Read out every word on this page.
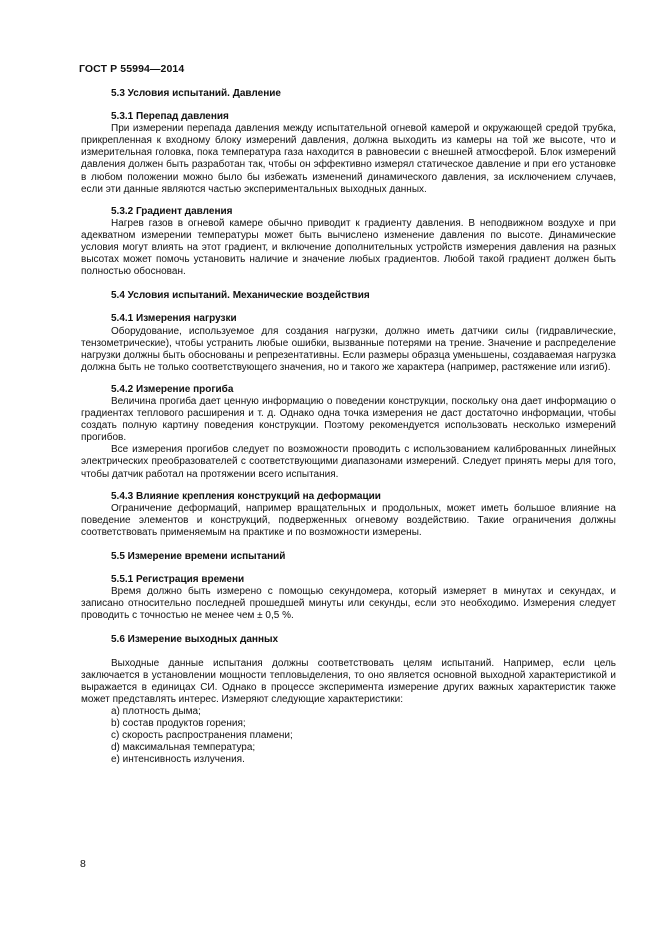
ГОСТ Р 55994—2014
5.3 Условия испытаний. Давление
5.3.1 Перепад давления

При измерении перепада давления между испытательной огневой камерой и окружающей средой трубка, прикрепленная к входному блоку измерений давления, должна выходить из камеры на той же высоте, что и измерительная головка, пока температура газа находится в равновесии с внешней атмосферой. Блок измерений давления должен быть разработан так, чтобы он эффективно измерял статическое давление и при его установке в любом положении можно было бы избежать изменений динамического давления, за исключением случаев, если эти данные являются частью экспериментальных выходных данных.

5.3.2 Градиент давления

Нагрев газов в огневой камере обычно приводит к градиенту давления. В неподвижном воздухе и при адекватном измерении температуры может быть вычислено изменение давления по высоте. Динамические условия могут влиять на этот градиент, и включение дополнительных устройств измерения давления на разных высотах может помочь установить наличие и значение любых градиентов. Любой такой градиент должен быть полностью обоснован.

5.4 Условия испытаний. Механические воздействия
5.4.1 Измерения нагрузки

Оборудование, используемое для создания нагрузки, должно иметь датчики силы (гидравлические, тензометрические), чтобы устранить любые ошибки, вызванные потерями на трение. Значение и распределение нагрузки должны быть обоснованы и репрезентативны. Если размеры образца уменьшены, создаваемая нагрузка должна быть не только соответствующего значения, но и такого же характера (например, растяжение или изгиб).

5.4.2 Измерение прогиба

Величина прогиба дает ценную информацию о поведении конструкции, поскольку она дает информацию о градиентах теплового расширения и т. д. Однако одна точка измерения не даст достаточно информации, чтобы создать полную картину поведения конструкции. Поэтому рекомендуется использовать несколько измерений прогибов.

Все измерения прогибов следует по возможности проводить с использованием калиброванных линейных электрических преобразователей с соответствующими диапазонами измерений. Следует принять меры для того, чтобы датчик работал на протяжении всего испытания.

5.4.3 Влияние крепления конструкций на деформации

Ограничение деформаций, например вращательных и продольных, может иметь большое влияние на поведение элементов и конструкций, подверженных огневому воздействию. Такие ограничения должны соответствовать применяемым на практике и по возможности измерены.

5.5 Измерение времени испытаний
5.5.1 Регистрация времени

Время должно быть измерено с помощью секундомера, который измеряет в минутах и секундах, и записано относительно последней прошедшей минуты или секунды, если это необходимо. Измерения следует проводить с точностью не менее чем ± 0,5 %.

5.6 Измерение выходных данных

Выходные данные испытания должны соответствовать целям испытаний. Например, если цель заключается в установлении мощности тепловыделения, то оно является основной выходной характеристикой и выражается в единицах СИ. Однако в процессе эксперимента измерение других важных характеристик также может представлять интерес. Измеряют следующие характеристики:

a) плотность дыма;
b) состав продуктов горения;
c) скорость распространения пламени;
d) максимальная температура;
e) интенсивность излучения.
8
